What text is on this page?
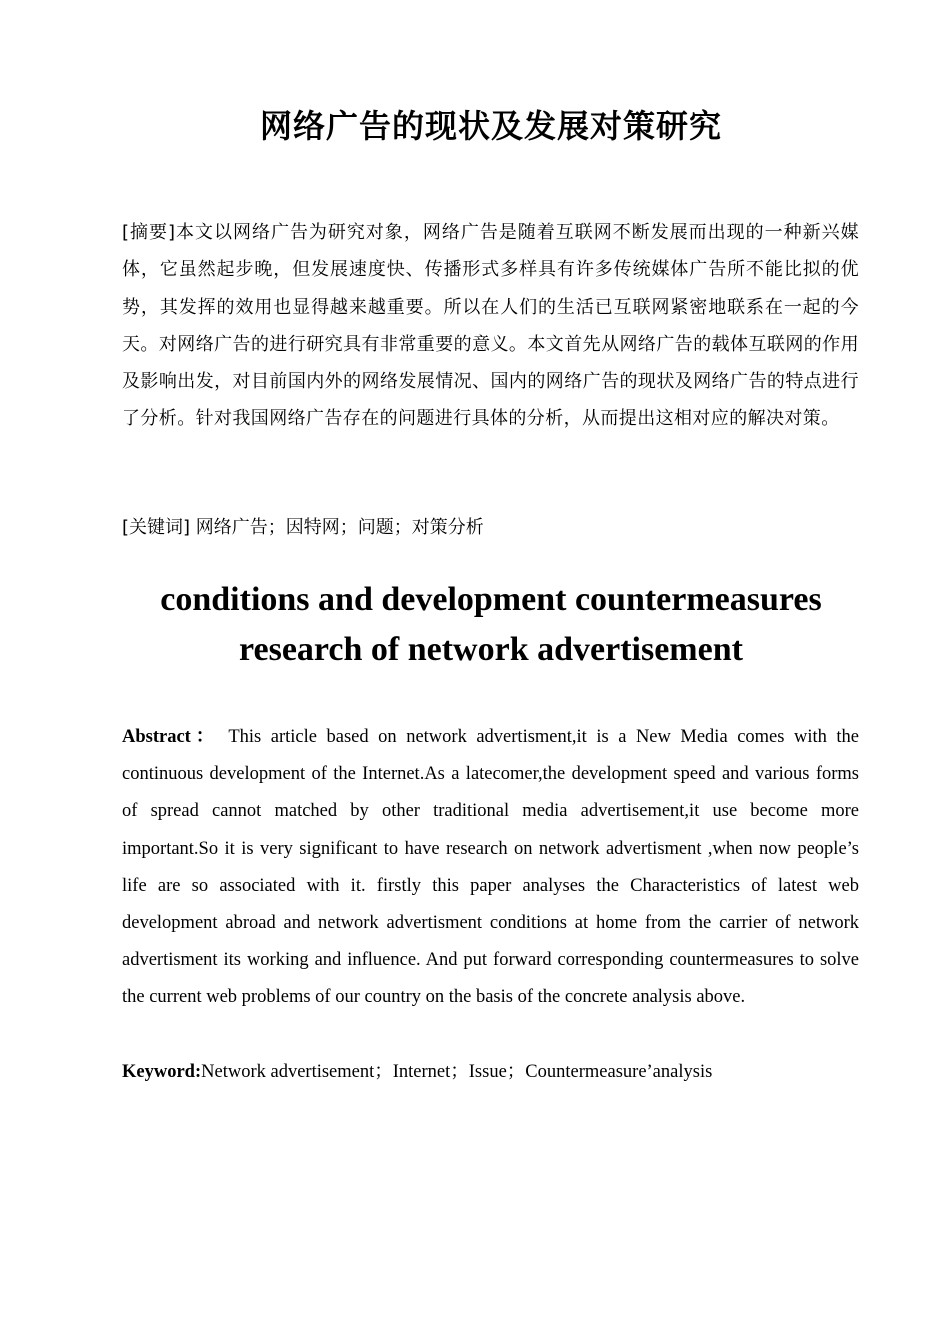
网络广告的现状及发展对策研究
[摘要]本文以网络广告为研究对象，网络广告是随着互联网不断发展而出现的一种新兴媒体，它虽然起步晚，但发展速度快、传播形式多样具有许多传统媒体广告所不能比拟的优势，其发挥的效用也显得越来越重要。所以在人们的生活已互联网紧密地联系在一起的今天。对网络广告的进行研究具有非常重要的意义。本文首先从网络广告的载体互联网的作用及影响出发，对目前国内外的网络发展情况、国内的网络广告的现状及网络广告的特点进行了分析。针对我国网络广告存在的问题进行具体的分析，从而提出这相对应的解决对策。
[关键词] 网络广告；因特网；问题；对策分析
conditions and development countermeasures
research of network advertisement
Abstract： This article based on network advertisment,it is a New Media comes with the continuous development of the Internet.As a latecomer,the development speed and various forms of spread cannot matched by other traditional media advertisement,it use become more important.So it is very significant to have research on network advertisment ,when now people’s life are so associated with it. firstly this paper analyses the Characteristics of latest web development abroad and network advertisment conditions at home from the carrier of network advertisment its working and influence. And put forward corresponding countermeasures to solve the current web problems of our country on the basis of the concrete analysis above.
Keyword:Network advertisement；Internet；Issue；Countermeasure’analysis
